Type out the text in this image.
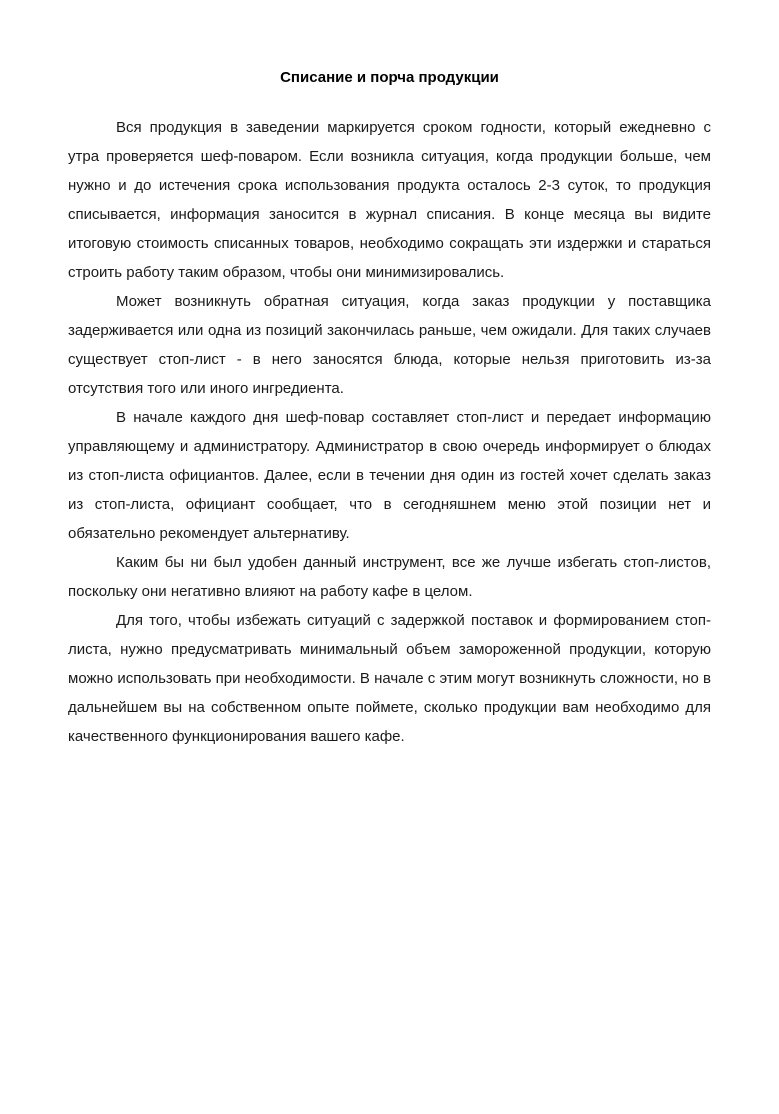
Списание и порча продукции

Вся продукция в заведении маркируется сроком годности, который ежедневно с утра проверяется шеф-поваром. Если возникла ситуация, когда продукции больше, чем нужно и до истечения срока использования продукта осталось 2-3 суток, то продукция списывается, информация заносится в журнал списания. В конце месяца вы видите итоговую стоимость списанных товаров, необходимо сокращать эти издержки и стараться строить работу таким образом, чтобы они минимизировались.

Может возникнуть обратная ситуация, когда заказ продукции у поставщика задерживается или одна из позиций закончилась раньше, чем ожидали. Для таких случаев существует стоп-лист - в него заносятся блюда, которые нельзя приготовить из-за отсутствия того или иного ингредиента.

В начале каждого дня шеф-повар составляет стоп-лист и передает информацию управляющему и администратору. Администратор в свою очередь информирует о блюдах из стоп-листа официантов. Далее, если в течении дня один из гостей хочет сделать заказ из стоп-листа, официант сообщает, что в сегодняшнем меню этой позиции нет и обязательно рекомендует альтернативу.

Каким бы ни был удобен данный инструмент, все же лучше избегать стоп-листов, поскольку они негативно влияют на работу кафе в целом.

Для того, чтобы избежать ситуаций с задержкой поставок и формированием стоп-листа, нужно предусматривать минимальный объем замороженной продукции, которую можно использовать при необходимости. В начале с этим могут возникнуть сложности, но в дальнейшем вы на собственном опыте поймете, сколько продукции вам необходимо для качественного функционирования вашего кафе.
